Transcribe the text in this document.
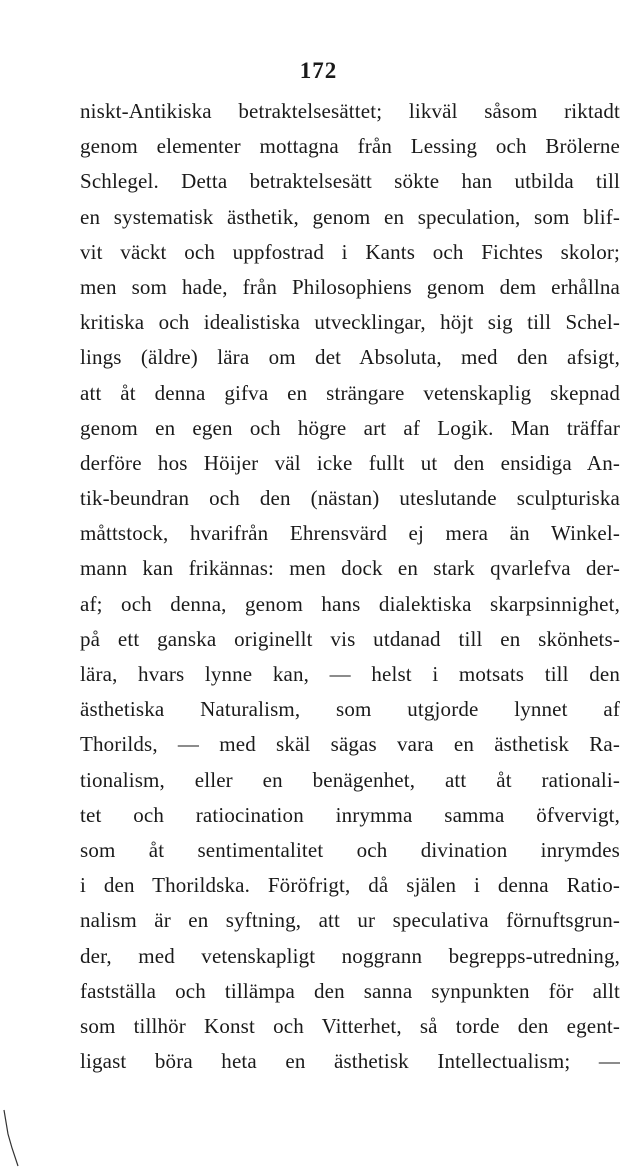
172
niskt-Antikiska betraktelsesättet; likväl såsom riktadt
genom elementer mottagna från Lessing och Brölerne
Schlegel. Detta betraktelsesätt sökte han utbilda till
en systematisk ästhetik, genom en speculation, som blif-
vit väckt och uppfostrad i Kants och Fichtes skolor;
men som hade, från Philosophiens genom dem erhållna
kritiska och idealistiska utvecklingar, höjt sig till Schel-
lings (äldre) lära om det Absoluta, med den afsigt,
att åt denna gifva en strängare vetenskaplig skepnad
genom en egen och högre art af Logik. Man träffar
derföre hos Höijer väl icke fullt ut den ensidiga An-
tik-beundran och den (nästan) uteslutande sculpturiska
måttstock, hvarifrån Ehrensvärd ej mera än Winkel-
mann kan frikännas: men dock en stark qvarlefva der-
af; och denna, genom hans dialektiska skarpsinnighet,
på ett ganska originellt vis utdanad till en skönhets-
lära, hvars lynne kan, — helst i motsats till den
ästhetiska Naturalism, som utgjorde lynnet af
Thorilds, — med skäl sägas vara en ästhetisk Ra-
tionalism, eller en benägenhet, att åt rationali-
tet och ratiocination inrymma samma öfvervigt,
som åt sentimentalitet och divination inrymdes
i den Thorildska. Föröfrigt, då själen i denna Ratio-
nalism är en syftning, att ur speculativa förnuftsgrun-
der, med vetenskapligt noggrann begrepps-utredning,
fastställa och tillämpa den sanna synpunkten för allt
som tillhör Konst och Vitterhet, så torde den egent-
ligast böra heta en ästhetisk Intellectualism; —
